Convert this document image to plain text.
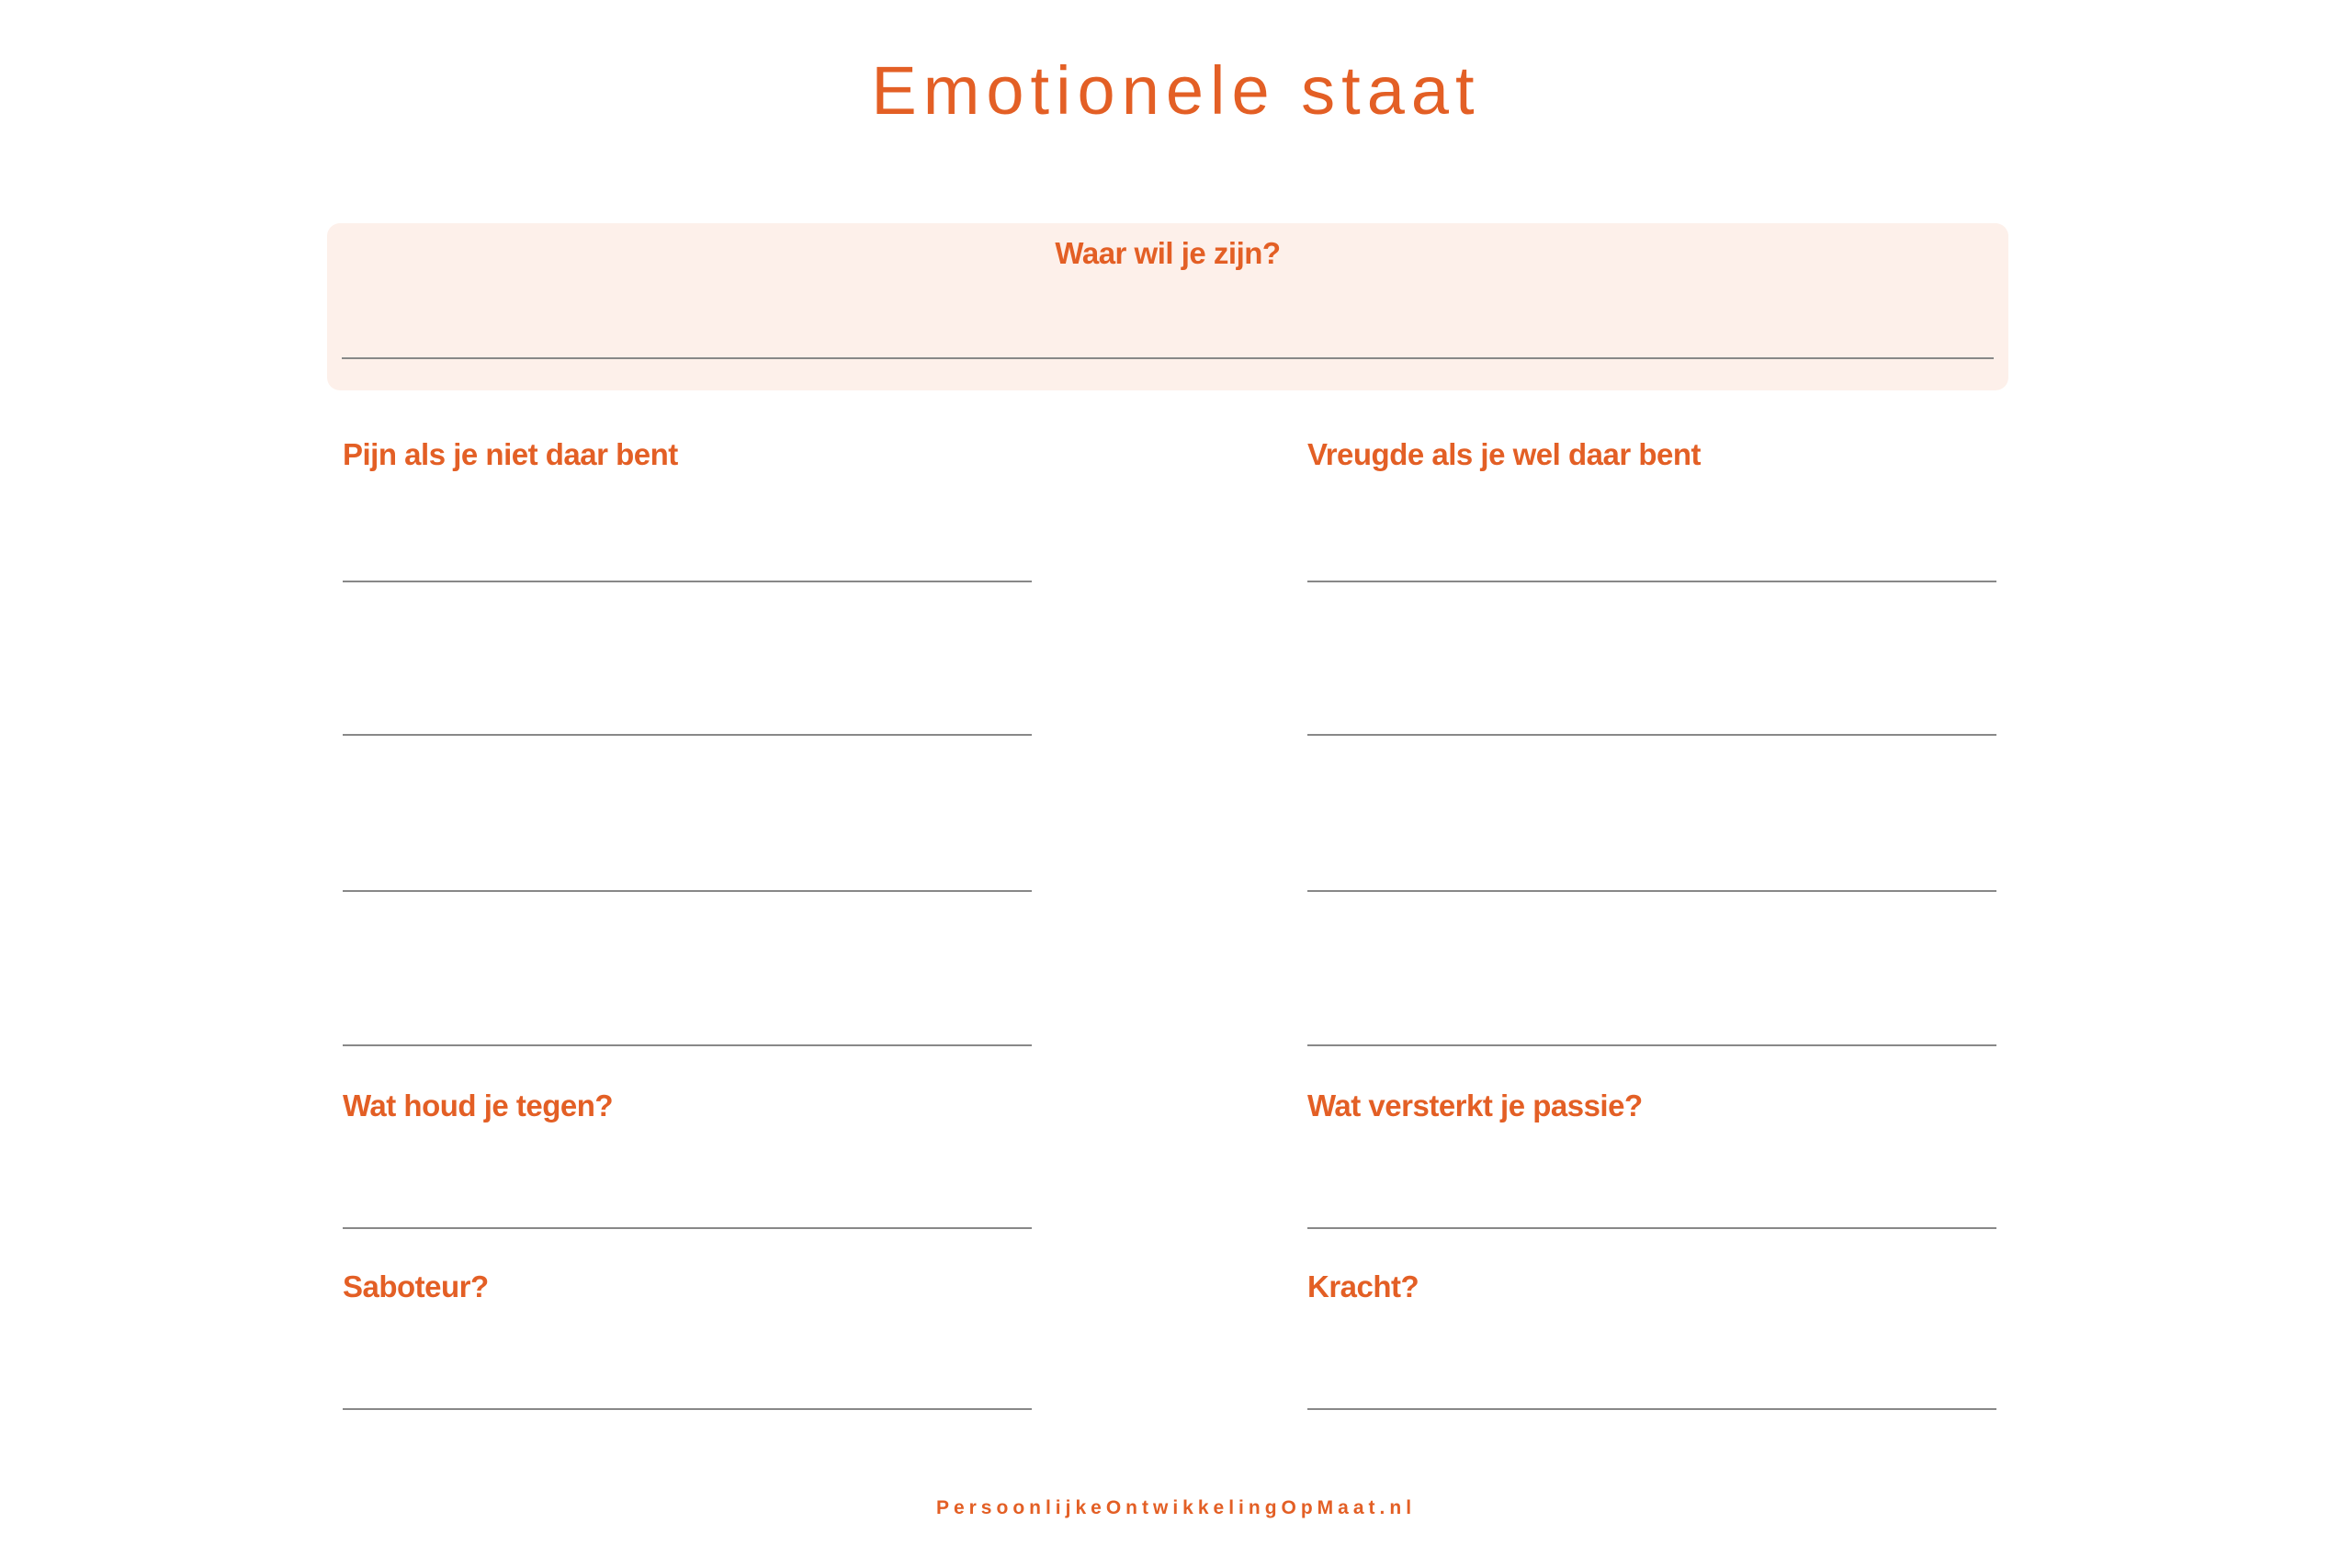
Emotionele staat
Waar wil je zijn?
Pijn als je niet daar bent
Wat houd je tegen?
Saboteur?
Vreugde als je wel daar bent
Wat versterkt je passie?
Kracht?
PersoonlijkeOntwikkelingOpMaat.nl
